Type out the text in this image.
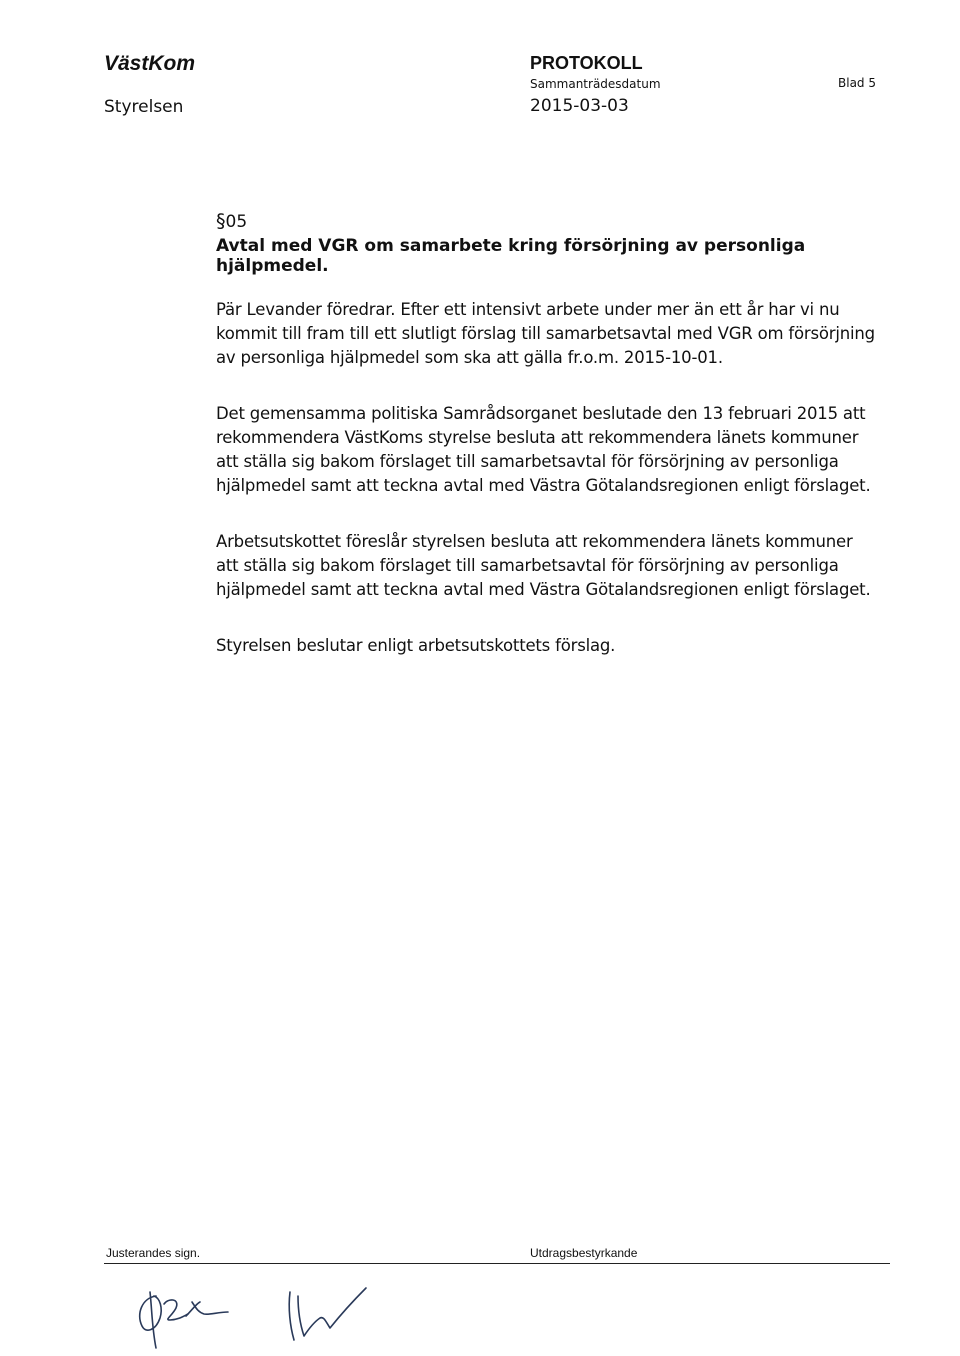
VästKom

Styrelsen

PROTOKOLL

Sammanträdesdatum

2015-03-03

Blad 5

§05

Avtal med VGR om samarbete kring försörjning av personliga hjälpmedel.

Pär Levander föredrar. Efter ett intensivt arbete under mer än ett år har vi nu kommit till fram till ett slutligt förslag till samarbetsavtal med VGR om försörjning av personliga hjälpmedel som ska att gälla fr.o.m. 2015-10-01.

Det gemensamma politiska Samrådsorganet beslutade den 13 februari 2015 att rekommendera VästKoms styrelse besluta att rekommendera länets kommuner att ställa sig bakom förslaget till samarbetsavtal för försörjning av personliga hjälpmedel samt att teckna avtal med Västra Götalandsregionen enligt förslaget.

Arbetsutskottet föreslår styrelsen besluta att rekommendera länets kommuner att ställa sig bakom förslaget till samarbetsavtal för försörjning av personliga hjälpmedel samt att teckna avtal med Västra Götalandsregionen enligt förslaget.

Styrelsen beslutar enligt arbetsutskottets förslag.

Justerandes sign.	Utdragsbestyrkande
